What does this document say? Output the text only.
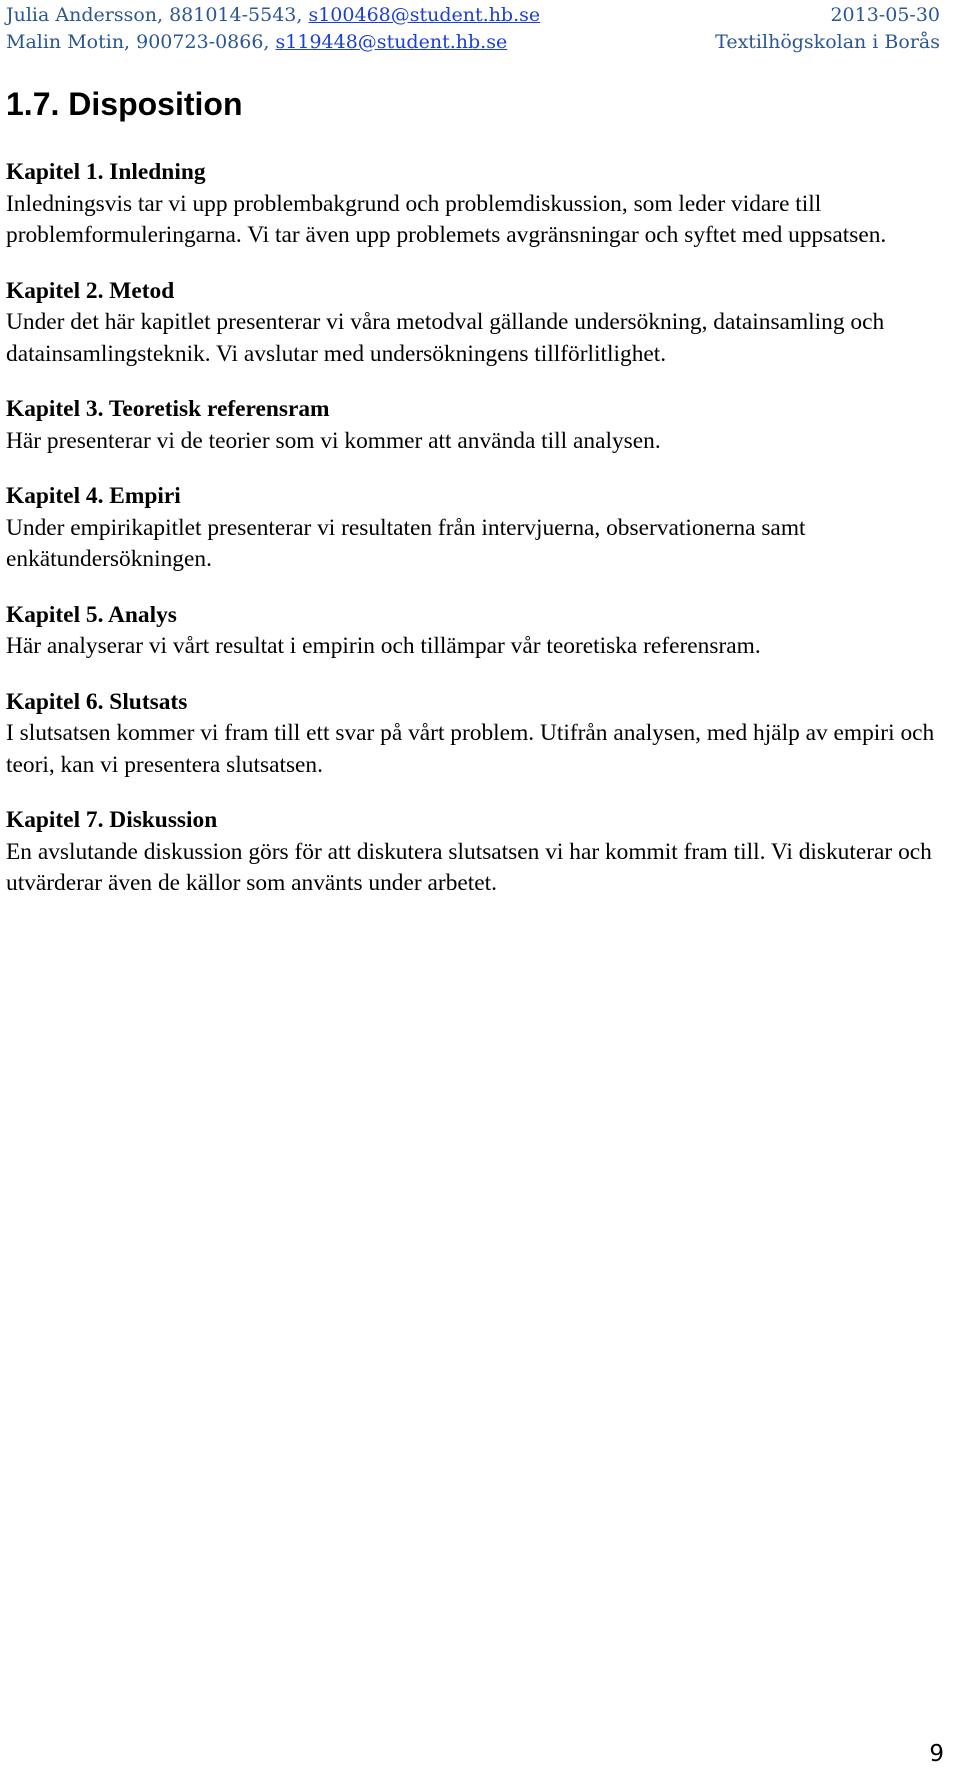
Julia Andersson, 881014-5543, s100468@student.hb.se	2013-05-30
Malin Motin, 900723-0866, s119448@student.hb.se	Textilhögskolan i Borås
1.7. Disposition
Kapitel 1. Inledning
Inledningsvis tar vi upp problembakgrund och problemdiskussion, som leder vidare till problemformuleringarna. Vi tar även upp problemets avgränsningar och syftet med uppsatsen.
Kapitel 2. Metod
Under det här kapitlet presenterar vi våra metodval gällande undersökning, datainsamling och datainsamlingsteknik. Vi avslutar med undersökningens tillförlitlighet.
Kapitel 3. Teoretisk referensram
Här presenterar vi de teorier som vi kommer att använda till analysen.
Kapitel 4. Empiri
Under empirikapitlet presenterar vi resultaten från intervjuerna, observationerna samt enkätundersökningen.
Kapitel 5. Analys
Här analyserar vi vårt resultat i empirin och tillämpar vår teoretiska referensram.
Kapitel 6. Slutsats
I slutsatsen kommer vi fram till ett svar på vårt problem. Utifrån analysen, med hjälp av empiri och teori, kan vi presentera slutsatsen.
Kapitel 7. Diskussion
En avslutande diskussion görs för att diskutera slutsatsen vi har kommit fram till. Vi diskuterar och utvärderar även de källor som använts under arbetet.
9
